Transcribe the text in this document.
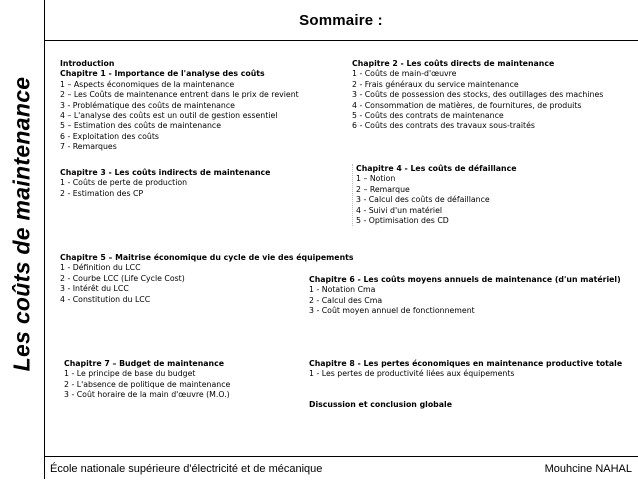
Les coûts de maintenance
Sommaire :
Introduction
Chapitre 1 - Importance de l'analyse des coûts
1 – Aspects économiques de la maintenance
2 – Les Coûts de maintenance entrent dans le prix de revient
3 - Problématique des coûts de maintenance
4 – L'analyse des coûts est un outil de gestion essentiel
5 – Estimation des coûts de maintenance
6 - Exploitation des coûts
7 - Remarques
Chapitre 2 - Les coûts directs de maintenance
1 - Coûts de main-d'œuvre
2 - Frais généraux du service maintenance
3 - Coûts de possession des stocks, des outillages des machines
4 - Consommation de matières, de fournitures, de produits
5 - Coûts des contrats de maintenance
6 - Coûts des contrats des travaux sous-traités
Chapitre 3 - Les coûts indirects de maintenance
1 - Coûts de perte de production
2 - Estimation des CP
Chapitre 4 - Les coûts de défaillance
1 – Notion
2 – Remarque
3 - Calcul des coûts de défaillance
4 - Suivi d'un matériel
5 - Optimisation des CD
Chapitre 5 – Maitrise économique du cycle de vie des équipements
1 - Définition du LCC
2 - Courbe LCC (Life Cycle Cost)
3 - Intérêt du LCC
4 - Constitution du LCC
Chapitre 6 - Les coûts moyens annuels de maintenance (d'un matériel)
1 - Notation Cma
2 - Calcul des Cma
3 - Coût moyen annuel de fonctionnement
Chapitre 7 – Budget de maintenance
1 - Le principe de base du budget
2 - L'absence de politique de maintenance
3 - Coût horaire de la main d'œuvre (M.O.)
Chapitre 8 - Les pertes économiques en maintenance productive totale
1 - Les pertes de productivité liées aux équipements
Discussion et conclusion globale
École nationale supérieure d'électricité et de mécanique	Mouhcine NAHAL
